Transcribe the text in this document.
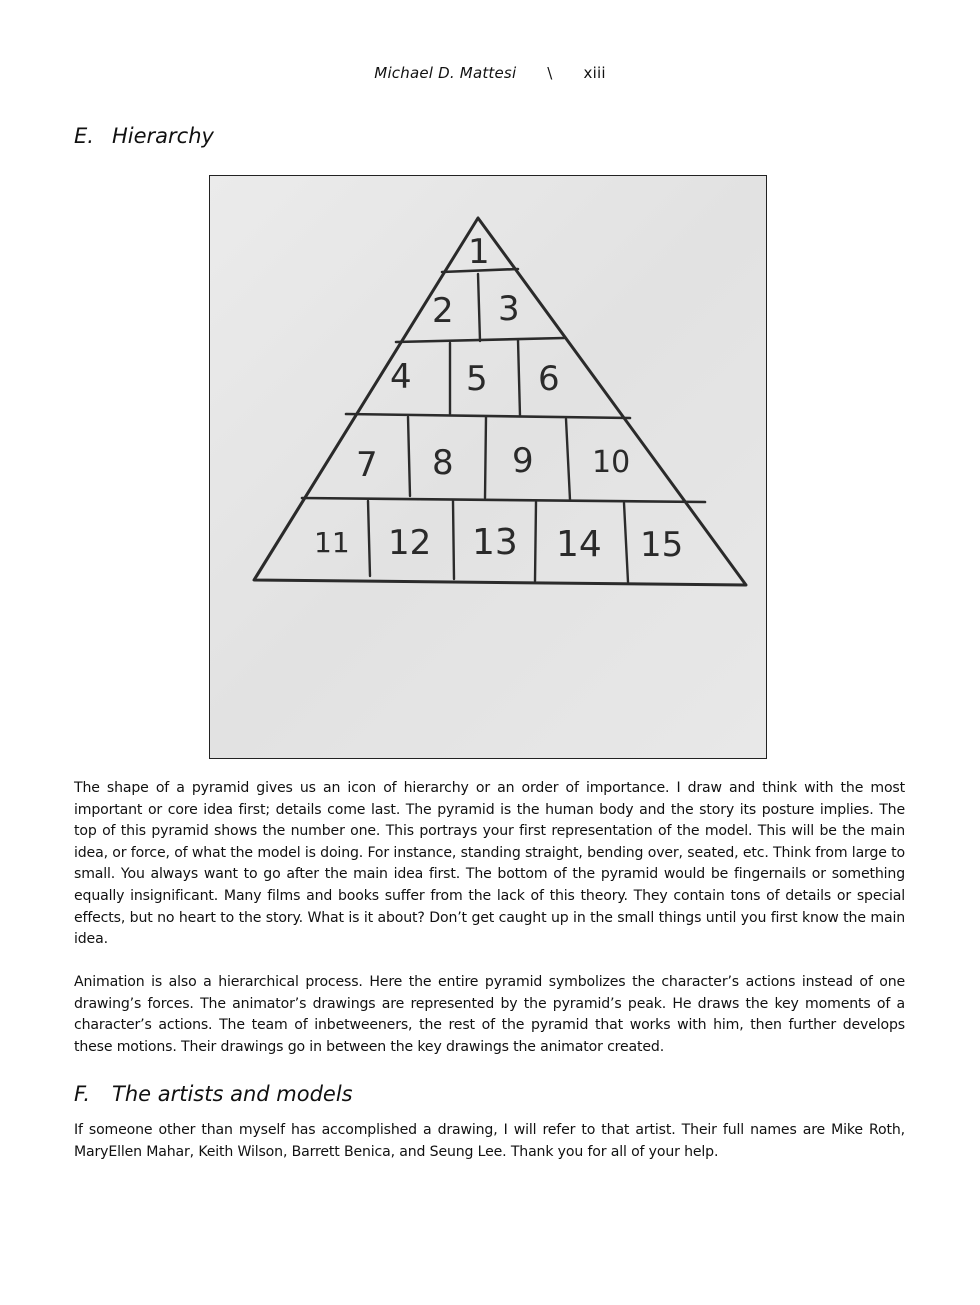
Michael D. Mattesi \ xiii
E. Hierarchy
1
2 3
4 5 6
7 8 9 10
11 12 13 14 15

The shape of a pyramid gives us an icon of hierarchy or an order of importance. I draw and think with the most important or core idea first; details come last. The pyramid is the human body and the story its posture implies. The top of this pyramid shows the number one. This portrays your first representation of the model. This will be the main idea, or force, of what the model is doing. For instance, standing straight, bending over, seated, etc. Think from large to small. You always want to go after the main idea first. The bottom of the pyramid would be fingernails or something equally insignificant. Many films and books suffer from the lack of this theory. They contain tons of details or special effects, but no heart to the story. What is it about? Don’t get caught up in the small things until you first know the main idea.

Animation is also a hierarchical process. Here the entire pyramid symbolizes the character’s actions instead of one drawing’s forces. The animator’s drawings are represented by the pyramid’s peak. He draws the key moments of a character’s actions. The team of inbetweeners, the rest of the pyramid that works with him, then further develops these motions. Their drawings go in between the key drawings the animator created.

F. The artists and models

If someone other than myself has accomplished a drawing, I will refer to that artist. Their full names are Mike Roth, MaryEllen Mahar, Keith Wilson, Barrett Benica, and Seung Lee. Thank you for all of your help.
